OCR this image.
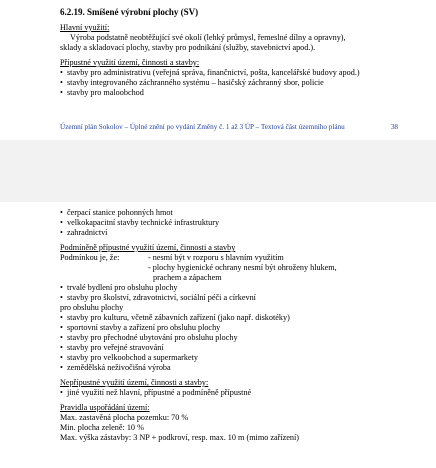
6.2.19. Smíšené výrobní plochy (SV)
Hlavní využití:
Výroba podstatně neobtěžující své okolí (lehký průmysl, řemeslné dílny a opravny),
sklady a skladovací plochy, stavby pro podnikání (služby, stavebnictví apod.).
Přípustné využití území, činnosti a stavby:
• stavby pro administrativu (veřejná správa, finančnictví, pošta, kancelářské budovy apod.)
• stavby integrovaného záchranného systému – hasičský záchranný sbor, policie
• stavby pro maloobchod
Územní plán Sokolov – Úplné znění po vydání Změny č. 1 až 3 ÚP – Textová část územního plánu	38
• čerpací stanice pohonných hmot
• velkokapacitní stavby technické infrastruktury
• zahradnictví
Podmíněně přípustné využití území, činnosti a stavby
Podmínkou je, že:	- nesmí být v rozporu s hlavním využitím
- plochy hygienické ochrany nesmí být ohroženy hlukem,
prachem a zápachem
• trvalé bydlení pro obsluhu plochy
• stavby pro školství, zdravotnictví, sociální péči a církevní
pro obsluhu plochy
• stavby pro kulturu, včetně zábavních zařízení (jako např. diskotéky)
• sportovní stavby a zařízení pro obsluhu plochy
• stavby pro přechodné ubytování pro obsluhu plochy
• stavby pro veřejné stravování
• stavby pro velkoobchod a supermarkety
• zemědělská neživočišná výroba
Nepřípustné využití území, činnosti a stavby:
• jiné využití než hlavní, přípustné a podmíněně přípustné
Pravidla uspořádání území:
Max. zastavěná plocha pozemku: 70 %
Min. plocha zeleně: 10 %
Max. výška zástavby: 3 NP + podkroví, resp. max. 10 m (mimo zařízení)
